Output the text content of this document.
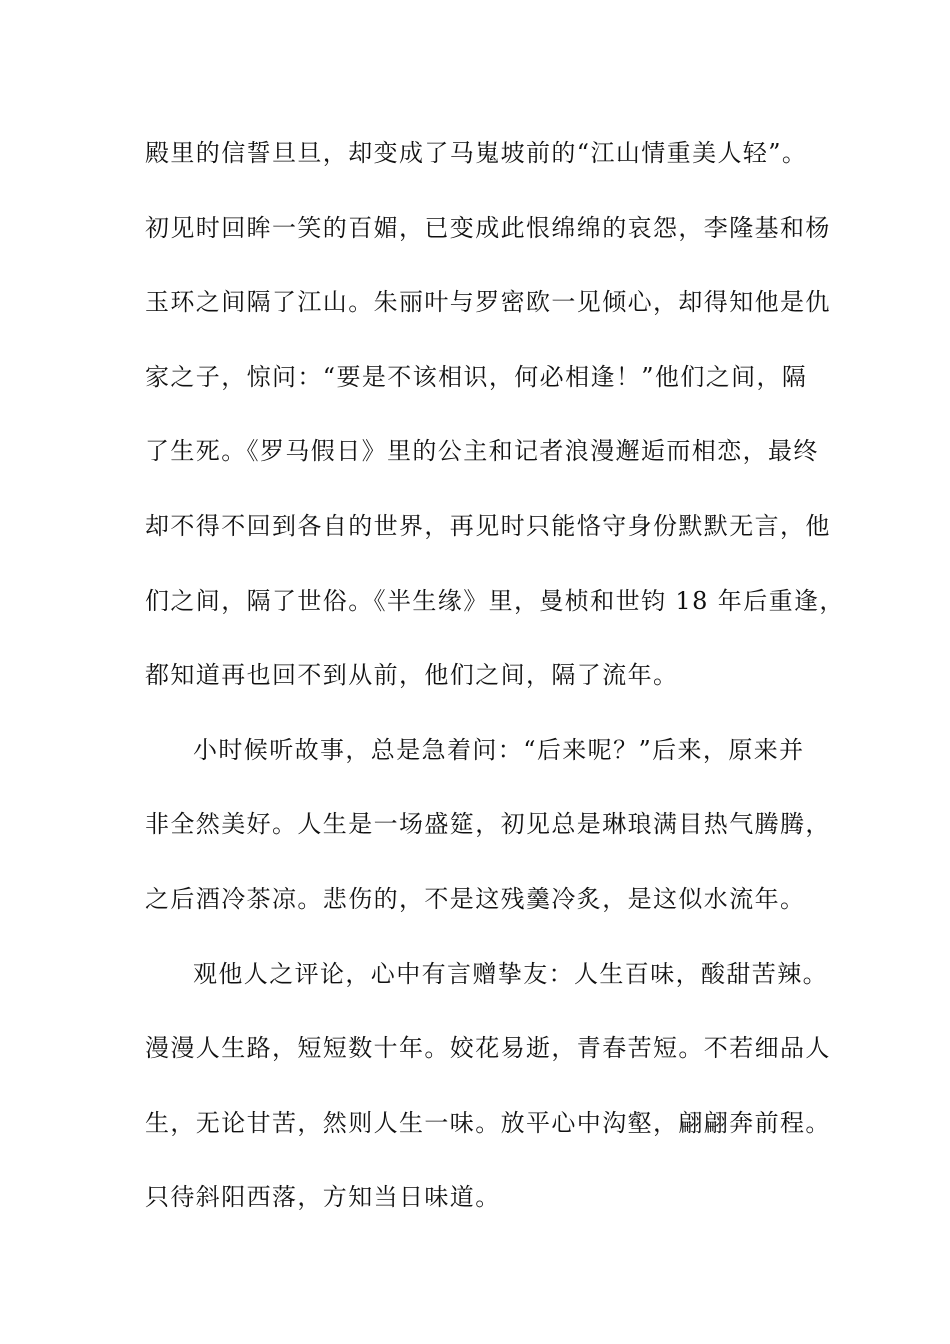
殿里的信誓旦旦，却变成了马嵬坡前的“江山情重美人轻”。
初见时回眸一笑的百媚，已变成此恨绵绵的哀怨，李隆基和杨
玉环之间隔了江山。朱丽叶与罗密欧一见倾心，却得知他是仇
家之子，惊问：“要是不该相识，何必相逢！”他们之间，隔
了生死。《罗马假日》里的公主和记者浪漫邂逅而相恋，最终
却不得不回到各自的世界，再见时只能恪守身份默默无言，他
们之间，隔了世俗。《半生缘》里，曼桢和世钧 18 年后重逢，
都知道再也回不到从前，他们之间，隔了流年。
小时候听故事，总是急着问：“后来呢？”后来，原来并
非全然美好。人生是一场盛筵，初见总是琳琅满目热气腾腾，
之后酒冷茶凉。悲伤的，不是这残羹冷炙，是这似水流年。
观他人之评论，心中有言赠挚友：人生百味，酸甜苦辣。
漫漫人生路，短短数十年。姣花易逝，青春苦短。不若细品人
生，无论甘苦，然则人生一味。放平心中沟壑，翩翩奔前程。
只待斜阳西落，方知当日味道。
